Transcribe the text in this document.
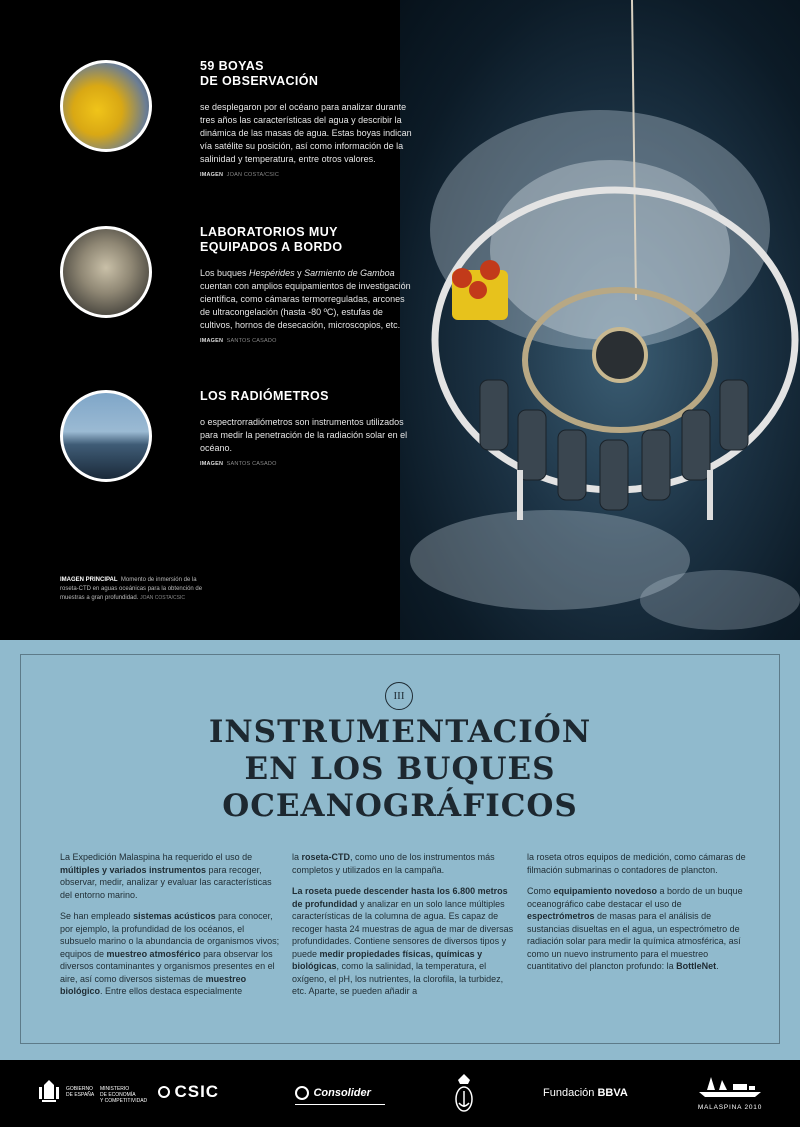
59 BOYAS
DE OBSERVACIÓN

se desplegaron por el océano para analizar durante tres años las características del agua y describir la dinámica de las masas de agua. Estas boyas indican vía satélite su posición, así como información de la salinidad y temperatura, entre otros valores.

IMAGEN JOAN COSTA/CSIC
LABORATORIOS MUY
EQUIPADOS A BORDO

Los buques Hespérides y Sarmiento de Gamboa cuentan con amplios equipamientos de investigación científica, como cámaras termorreguladas, arcones de ultracongelación (hasta -80 ºC), estufas de cultivos, hornos de desecación, microscopios, etc.

IMAGEN SANTOS CASADO
LOS RADIÓMETROS

o espectrorradiómetros son instrumentos utilizados para medir la penetración de la radiación solar en el océano.

IMAGEN SANTOS CASADO
IMAGEN PRINCIPAL Momento de inmersión de la roseta-CTD en aguas oceánicas para la obtención de muestras a gran profundidad. JOAN COSTA/CSIC
III
INSTRUMENTACIÓN
EN LOS BUQUES
OCEANOGRÁFICOS

La Expedición Malaspina ha requerido el uso de múltiples y variados instrumentos para recoger, observar, medir, analizar y evaluar las características del entorno marino.

Se han empleado sistemas acústicos para conocer, por ejemplo, la profundidad de los océanos, el subsuelo marino o la abundancia de organismos vivos; equipos de muestreo atmosférico para observar los diversos contaminantes y organismos presentes en el aire, así como diversos sistemas de muestreo biológico. Entre ellos destaca especialmente

la roseta-CTD, como uno de los instrumentos más completos y utilizados en la campaña.

La roseta puede descender hasta los 6.800 metros de profundidad y analizar en un solo lance múltiples características de la columna de agua. Es capaz de recoger hasta 24 muestras de agua de mar de diversas profundidades. Contiene sensores de diversos tipos y puede medir propiedades físicas, químicas y biológicas, como la salinidad, la temperatura, el oxígeno, el pH, los nutrientes, la clorofila, la turbidez, etc. Aparte, se pueden añadir a

la roseta otros equipos de medición, como cámaras de filmación submarinas o contadores de plancton.

Como equipamiento novedoso a bordo de un buque oceanográfico cabe destacar el uso de espectrómetros de masas para el análisis de sustancias disueltas en el agua, un espectrómetro de radiación solar para medir la química atmosférica, así como un nuevo instrumento para el muestreo cuantitativo del plancton profundo: la BottleNet.

GOBIERNO
DE ESPAÑA
MINISTERIO
DE ECONOMÍA
Y COMPETITIVIDAD	CSIC	Consolider	Fundación BBVA
MALASPINA 2010
